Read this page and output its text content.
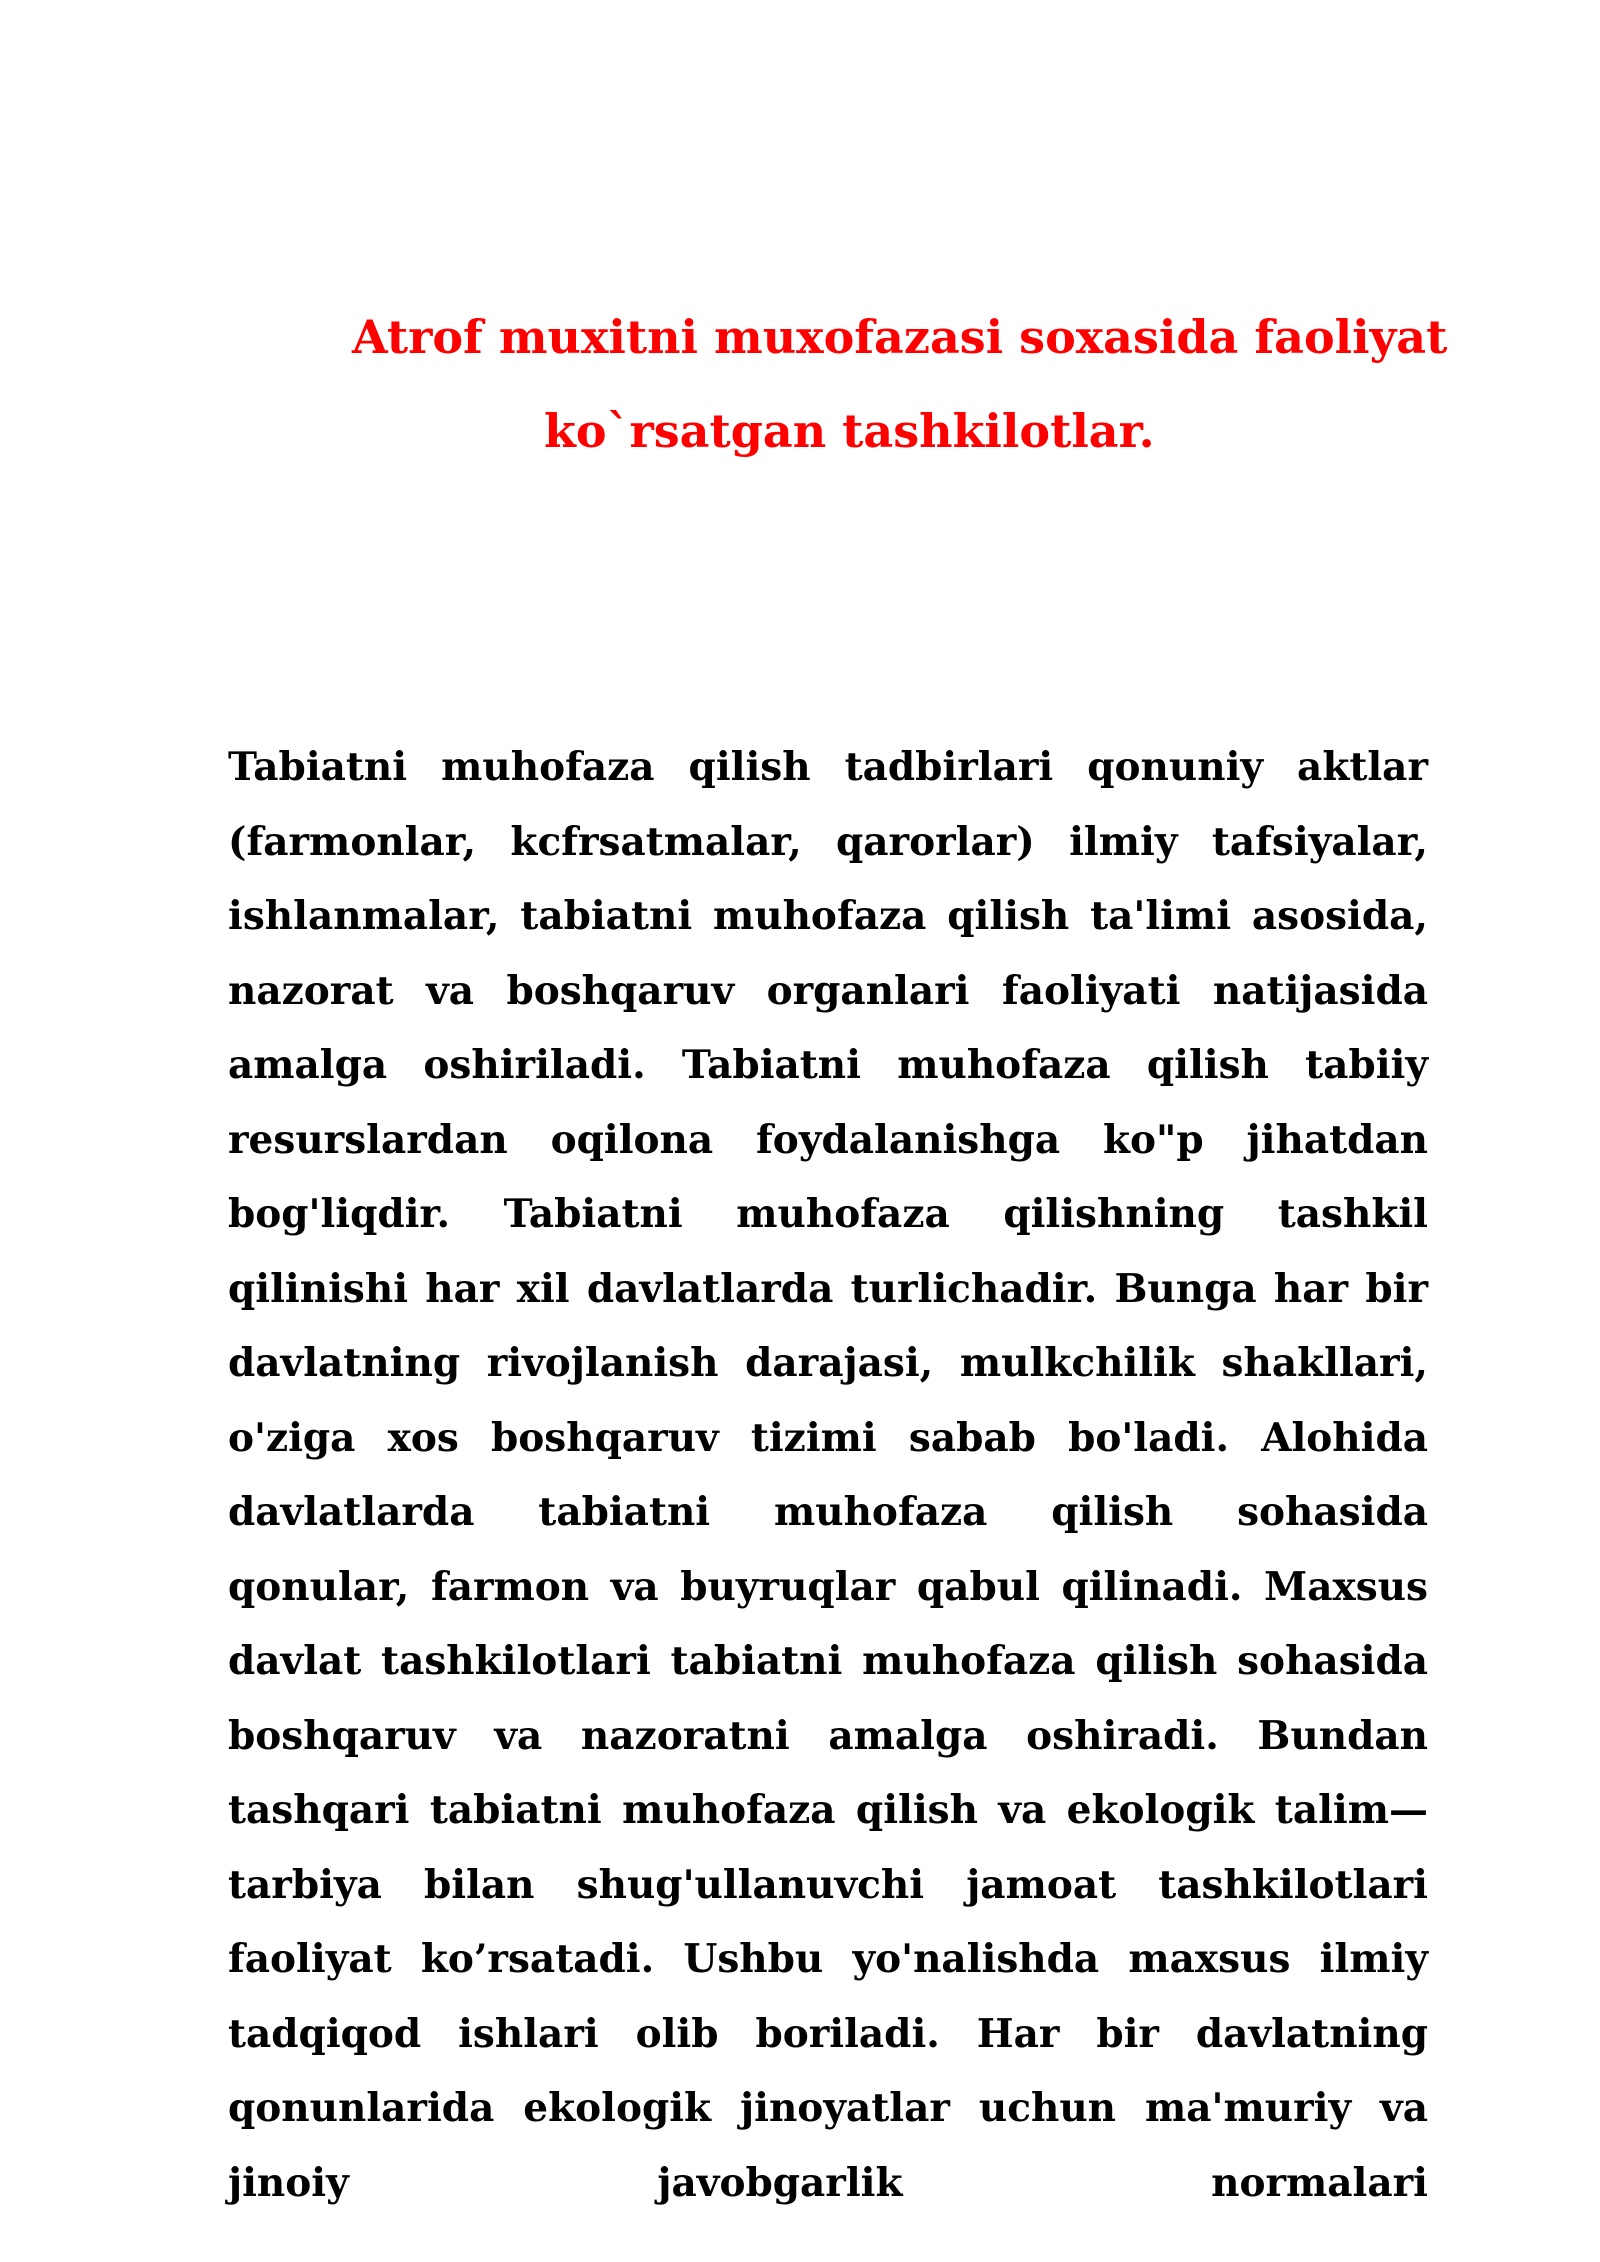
Atrof muxitni muxofazasi soxasida faoliyat
ko`rsatgan tashkilotlar.

Tabiatni muhofaza qilish tadbirlari qonuniy aktlar (farmonlar, kcfrsatmalar, qarorlar) ilmiy tafsiyalar, ishlanmalar, tabiatni muhofaza qilish ta'limi asosida, nazorat va boshqaruv organlari faoliyati natijasida amalga oshiriladi. Tabiatni muhofaza qilish tabiiy resurslardan oqilona foydalanishga ko"p jihatdan bog'liqdir. Tabiatni muhofaza qilishning tashkil qilinishi har xil davlatlarda turlichadir. Bunga har bir davlatning rivojlanish darajasi, mulkchilik shakllari, o'ziga xos boshqaruv tizimi sabab bo'ladi. Alohida davlatlarda tabiatni muhofaza qilish sohasida qonular, farmon va buyruqlar qabul qilinadi. Maxsus davlat tashkilotlari tabiatni muhofaza qilish sohasida boshqaruv va nazoratni amalga oshiradi. Bundan tashqari tabiatni muhofaza qilish va ekologik talim— tarbiya bilan shug'ullanuvchi jamoat tashkilotlari faoliyat ko’rsatadi. Ushbu yo'nalishda maxsus ilmiy tadqiqod ishlari olib boriladi. Har bir davlatning qonunlarida ekologik jinoyatlar uchun ma'muriy va jinoiy javobgarlik normalari
